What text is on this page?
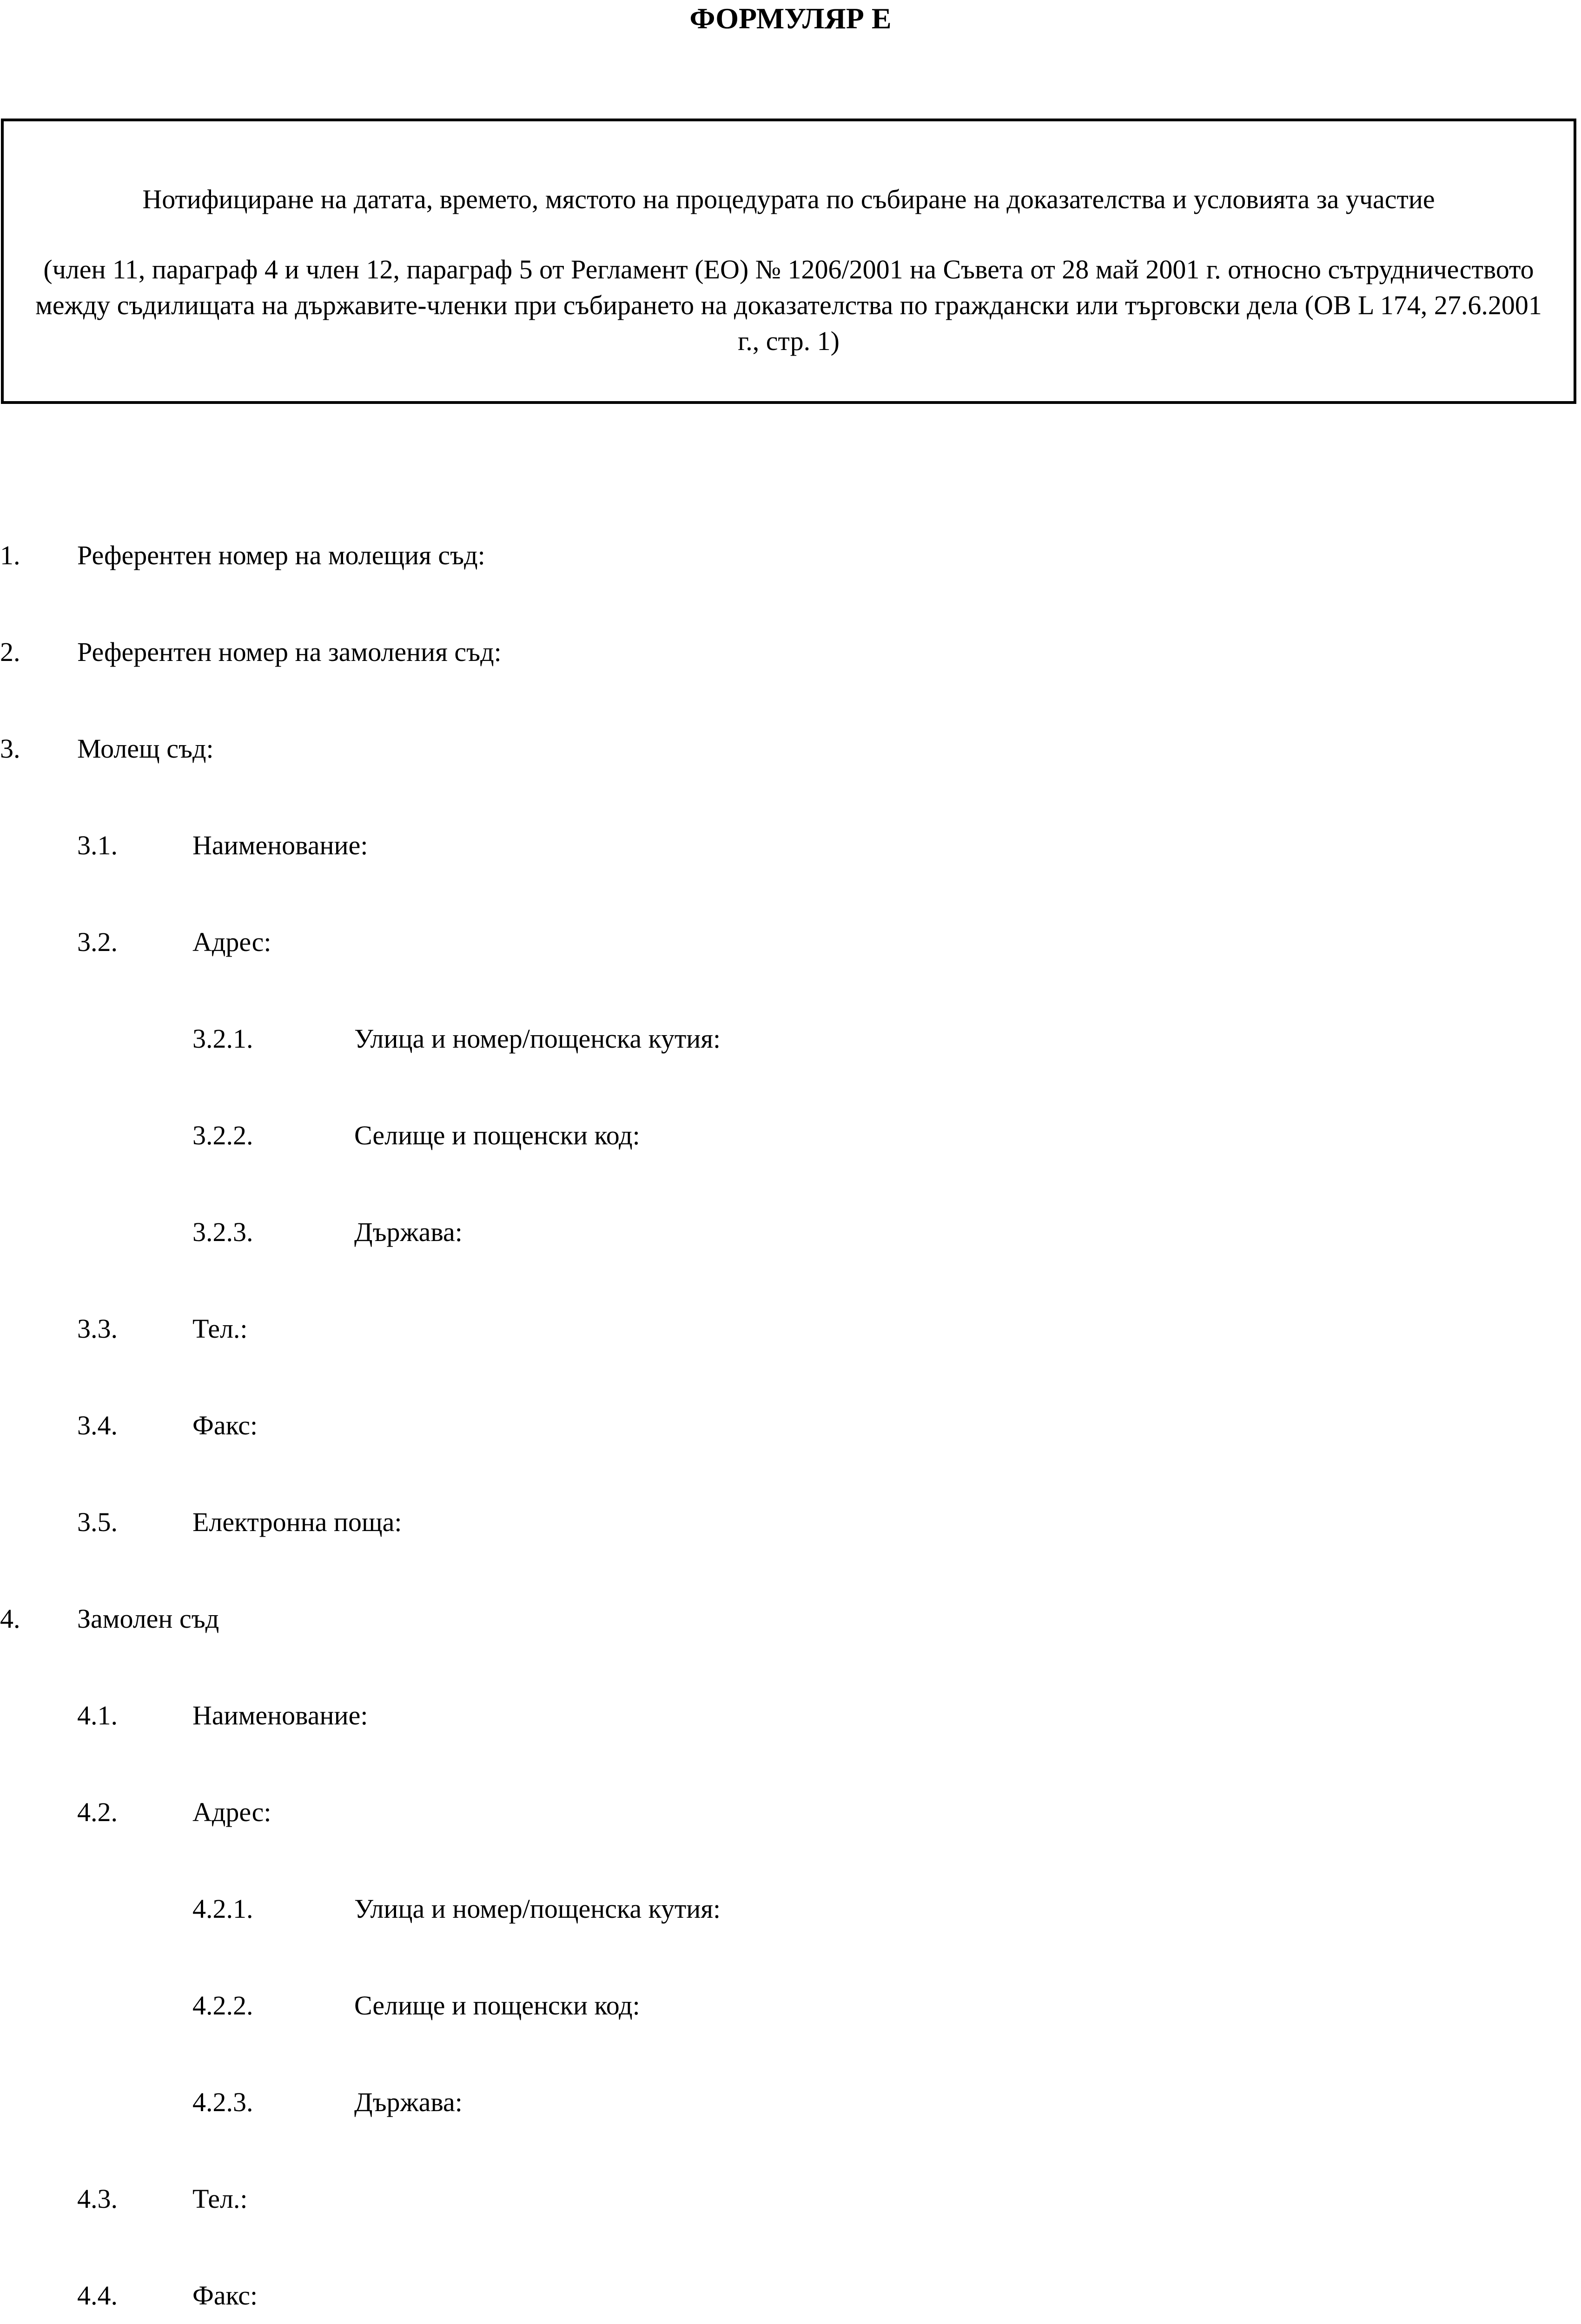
ФОРМУЛЯР Е
Нотифициране на датата, времето, мястото на процедурата по събиране на доказателства и условията за участие
(член 11, параграф 4 и член 12, параграф 5 от Регламент (ЕО) № 1206/2001 на Съвета от 28 май 2001 г. относно сътрудничеството между съдилищата на държавите-членки при събирането на доказателства по граждански или търговски дела (ОВ L 174, 27.6.2001 г., стр. 1)
1. Референтен номер на молещия съд:
2. Референтен номер на замоления съд:
3. Молещ съд:
3.1.	Наименование:
3.2.	Адрес:
3.2.1.	Улица и номер/пощенска кутия:
3.2.2.	Селище и пощенски код:
3.2.3.	Държава:
3.3.	Тел.:
3.4.	Факс:
3.5.	Електронна поща:
4. Замолен съд
4.1.	Наименование:
4.2.	Адрес:
4.2.1.	Улица и номер/пощенска кутия:
4.2.2.	Селище и пощенски код:
4.2.3.	Държава:
4.3.	Тел.:
4.4.	Факс:
